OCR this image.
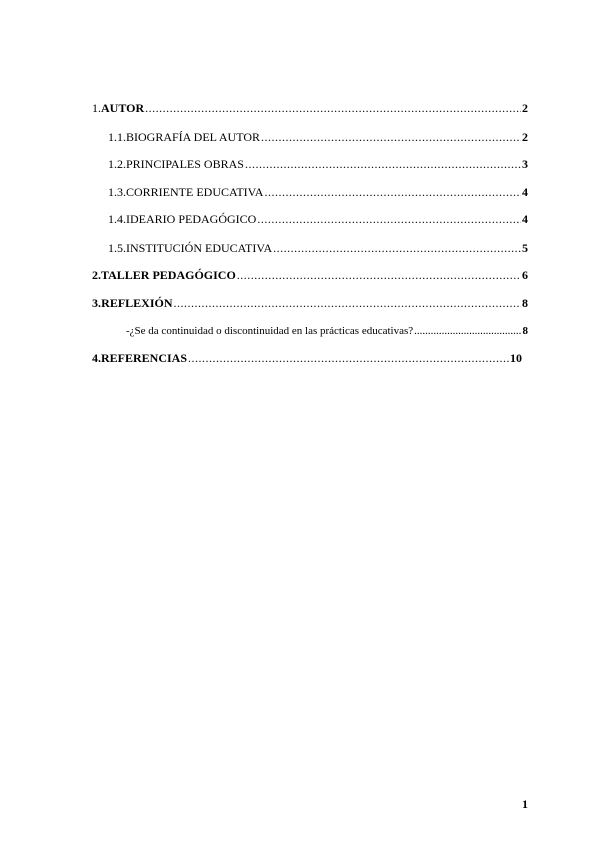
1. AUTOR .....	2
1.1. BIOGRAFÍA DEL AUTOR .....	2
1.2. PRINCIPALES OBRAS .....	3
1.3. CORRIENTE EDUCATIVA .....	4
1.4. IDEARIO PEDAGÓGICO .....	4
1.5. INSTITUCIÓN EDUCATIVA .....	5
2. TALLER PEDAGÓGICO .....	6
3. REFLEXIÓN .....	8
- ¿Se da continuidad o discontinuidad en las prácticas educativas? .....	8
4. REFERENCIAS .....	10
1
